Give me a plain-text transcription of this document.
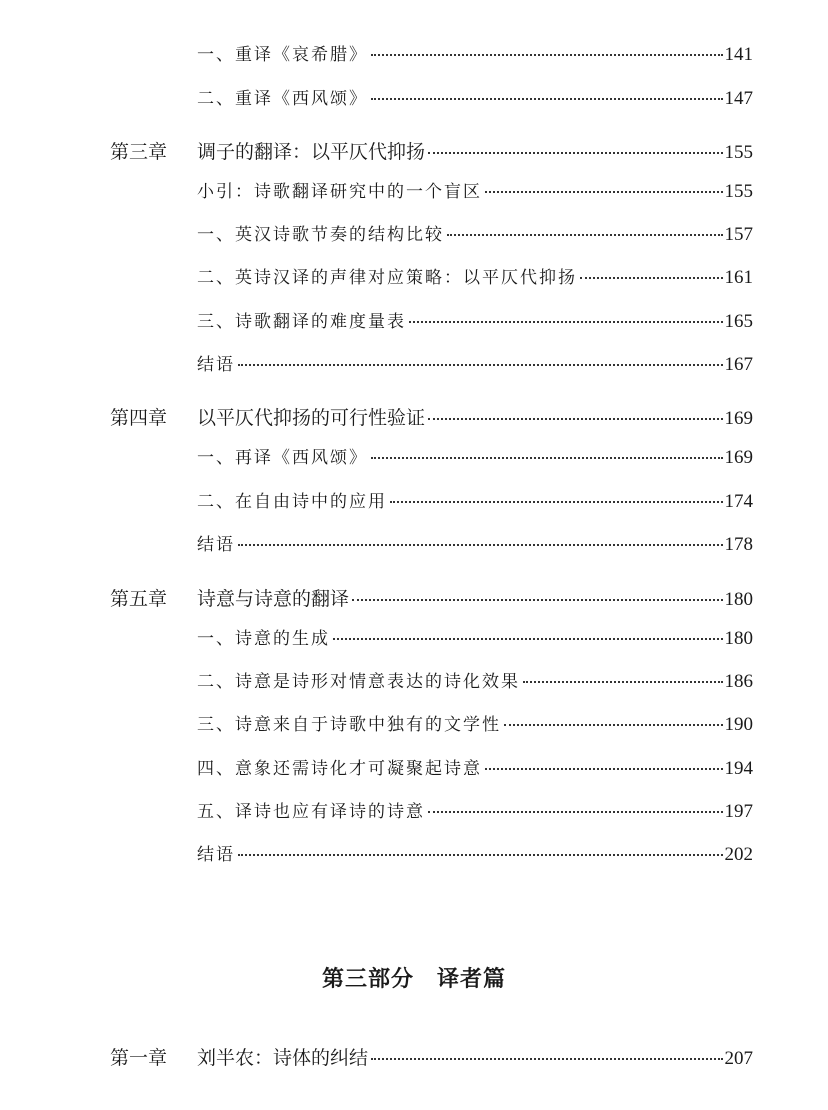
一、重译《哀希腊》	141
二、重译《西风颂》	147
第三章	调子的翻译：以平仄代抑扬	155
小引：诗歌翻译研究中的一个盲区	155
一、英汉诗歌节奏的结构比较	157
二、英诗汉译的声律对应策略：以平仄代抑扬	161
三、诗歌翻译的难度量表	165
结语	167
第四章	以平仄代抑扬的可行性验证	169
一、再译《西风颂》	169
二、在自由诗中的应用	174
结语	178
第五章	诗意与诗意的翻译	180
一、诗意的生成	180
二、诗意是诗形对情意表达的诗化效果	186
三、诗意来自于诗歌中独有的文学性	190
四、意象还需诗化才可凝聚起诗意	194
五、译诗也应有译诗的诗意	197
结语	202
第三部分　译者篇
第一章	刘半农：诗体的纠结	207
